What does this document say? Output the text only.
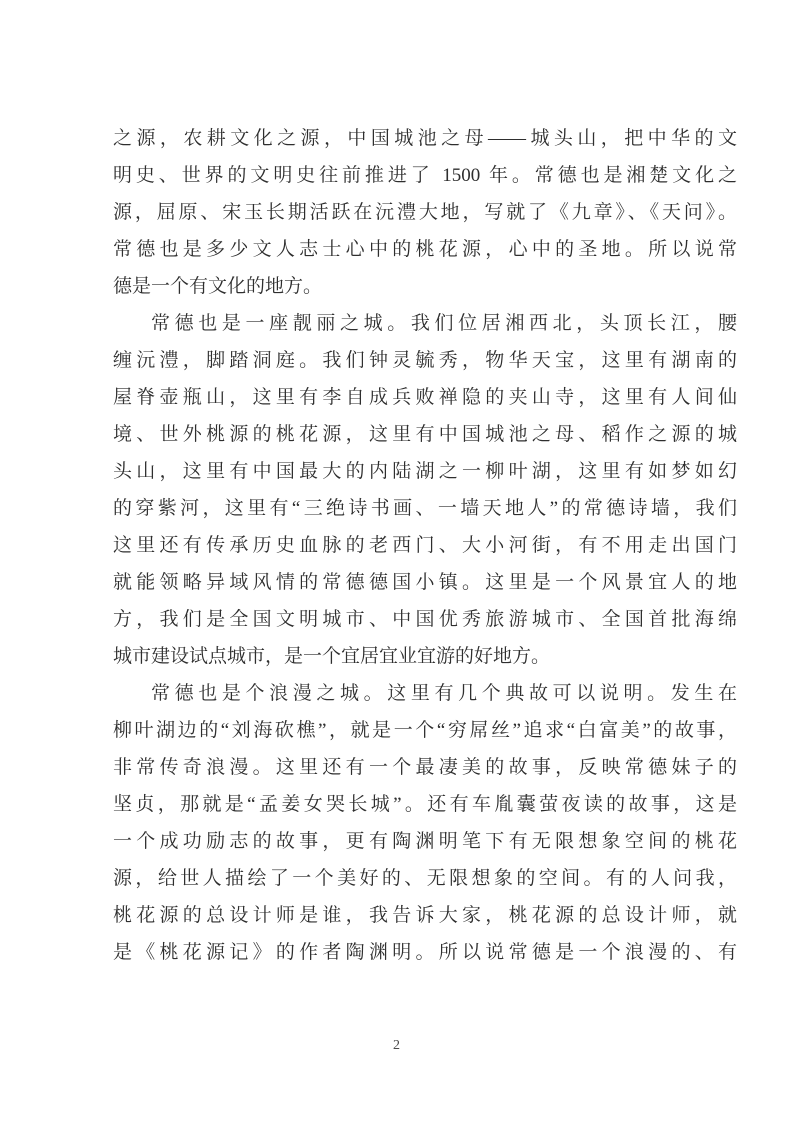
之源，农耕文化之源，中国城池之母——城头山，把中华的文
明史、世界的文明史往前推进了 1500 年。常德也是湘楚文化之
源，屈原、宋玉长期活跃在沅澧大地，写就了《九章》、《天问》。
常德也是多少文人志士心中的桃花源，心中的圣地。所以说常
德是一个有文化的地方。
常德也是一座靓丽之城。我们位居湘西北，头顶长江，腰
缠沅澧，脚踏洞庭。我们钟灵毓秀，物华天宝，这里有湖南的
屋脊壶瓶山，这里有李自成兵败禅隐的夹山寺，这里有人间仙
境、世外桃源的桃花源，这里有中国城池之母、稻作之源的城
头山，这里有中国最大的内陆湖之一柳叶湖，这里有如梦如幻
的穿紫河，这里有“三绝诗书画、一墙天地人”的常德诗墙，我们
这里还有传承历史血脉的老西门、大小河街，有不用走出国门
就能领略异域风情的常德德国小镇。这里是一个风景宜人的地
方，我们是全国文明城市、中国优秀旅游城市、全国首批海绵
城市建设试点城市，是一个宜居宜业宜游的好地方。
常德也是个浪漫之城。这里有几个典故可以说明。发生在
柳叶湖边的“刘海砍樵”，就是一个“穷屌丝”追求“白富美”的故事，
非常传奇浪漫。这里还有一个最凄美的故事，反映常德妹子的
坚贞，那就是“孟姜女哭长城”。还有车胤囊萤夜读的故事，这是
一个成功励志的故事，更有陶渊明笔下有无限想象空间的桃花
源，给世人描绘了一个美好的、无限想象的空间。有的人问我，
桃花源的总设计师是谁，我告诉大家，桃花源的总设计师，就
是《桃花源记》的作者陶渊明。所以说常德是一个浪漫的、有
2
